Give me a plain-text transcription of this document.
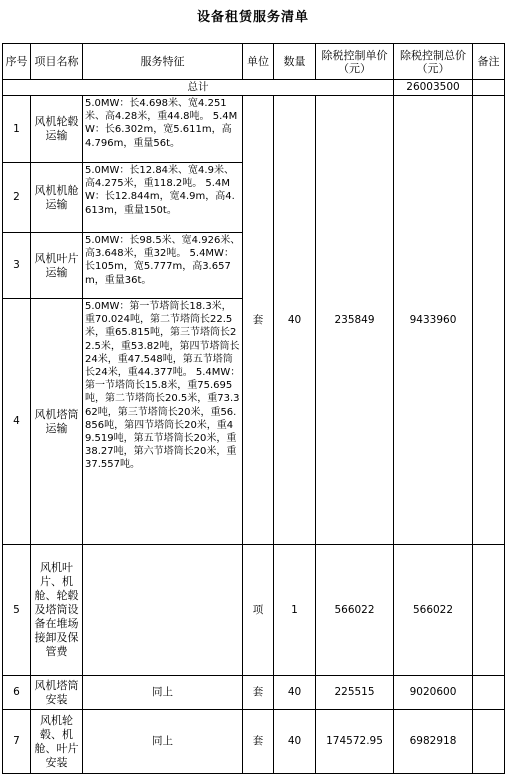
设备租赁服务清单
序号	项目名称	服务特征	单位	数量	除税控制单价（元）	除税控制总价（元）	备注
总计						26003500	
1	风机轮毂运输	5.0MW：长4.698米、宽4.251米、高4.28米，重44.8吨。 5.4MW：长6.302m，宽5.611m，高4.796m，重量56t。	套	40	235849	9433960	
2	风机机舱运输	5.0MW：长12.84米、宽4.9米、高4.275米，重118.2吨。 5.4MW：长12.844m，宽4.9m，高4.613m，重量150t。					
3	风机叶片运输	5.0MW：长98.5米、宽4.926米、高3.648米，重32吨。 5.4MW：长105m，宽5.777m，高3.657m，重量36t。					
4	风机塔筒运输	5.0MW：第一节塔筒长18.3米，重70.024吨，第二节塔筒长22.5米，重65.815吨，第三节塔筒长22.5米，重53.82吨，第四节塔筒长24米，重47.548吨，第五节塔筒长24米，重44.377吨。 5.4MW：第一节塔筒长15.8米，重75.695吨，第二节塔筒长20.5米，重73.362吨，第三节塔筒长20米，重56.856吨，第四节塔筒长20米，重49.519吨，第五节塔筒长20米，重38.27吨，第六节塔筒长20米，重37.557吨。					
5	风机叶片、机舱、轮毂及塔筒设备在堆场接卸及保管费		项	1	566022	566022	
6	风机塔筒安装	同上	套	40	225515	9020600	
7	风机轮毂、机舱、叶片安装	同上	套	40	174572.95	6982918	
